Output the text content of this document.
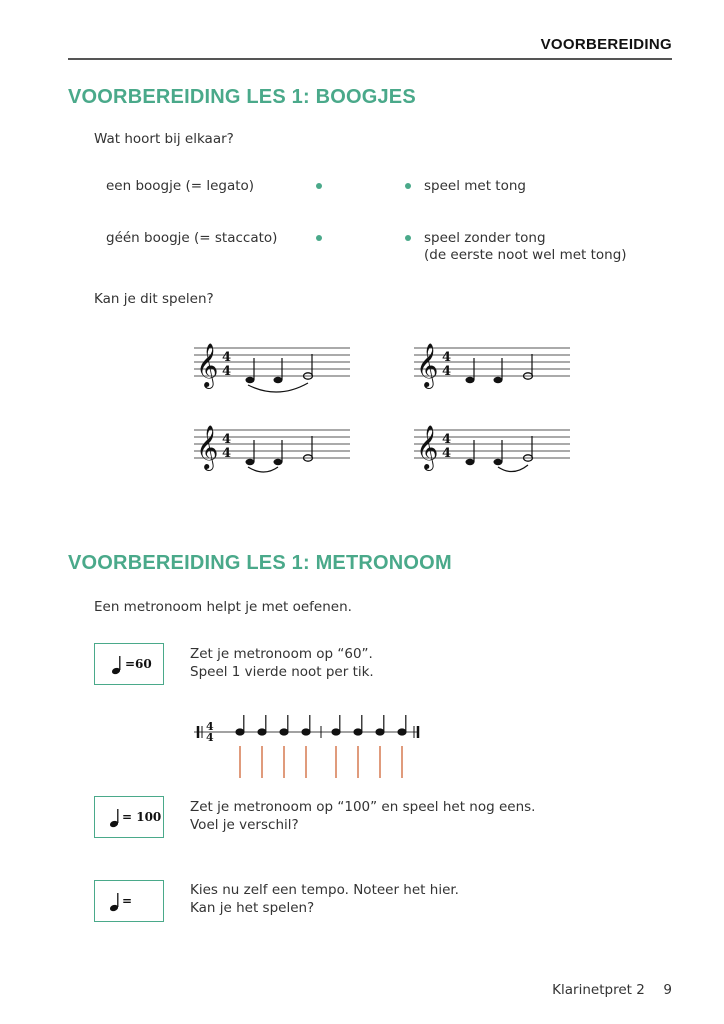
VOORBEREIDING
VOORBEREIDING LES 1: BOOGJES
Wat hoort bij elkaar?
een boogje (= legato)	speel met tong
géén boogje (= staccato)	speel zonder tong
(de eerste noot wel met tong)
Kan je dit spelen?
𝄞 4
4	𝄞 4
4
𝄞 4
4	𝄞 4
4
VOORBEREIDING LES 1: METRONOOM
Een metronoom helpt je met oefenen.
=60
Zet je metronoom op “60”.
Speel 1 vierde noot per tik.
4
4
= 100
Zet je metronoom op “100” en speel het nog eens.
Voel je verschil?
=
Kies nu zelf een tempo. Noteer het hier.
Kan je het spelen?
Klarinetpret 2 9
